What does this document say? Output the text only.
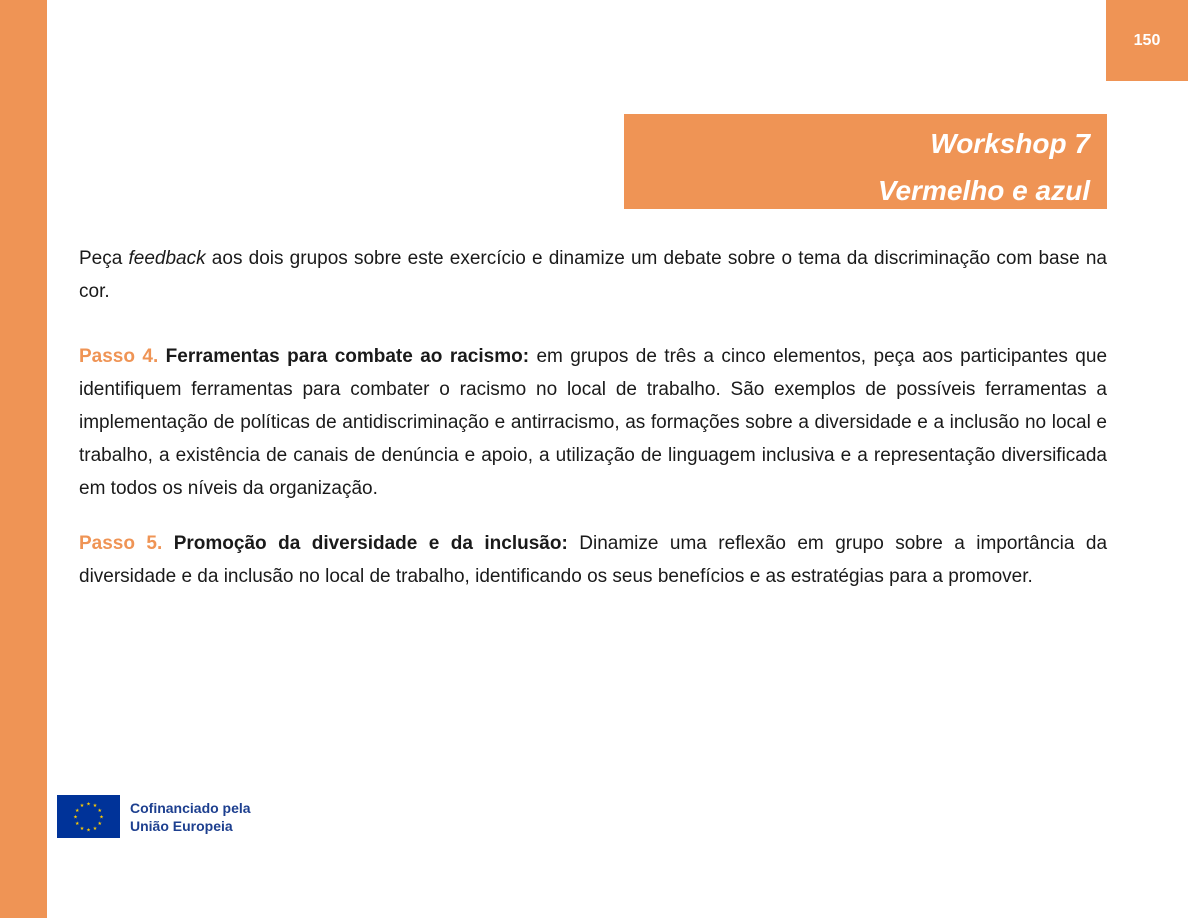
150
Workshop 7
Vermelho e azul

Peça feedback aos dois grupos sobre este exercício e dinamize um debate sobre o tema da discriminação com base na cor.

Passo 4. Ferramentas para combate ao racismo: em grupos de três a cinco elementos, peça aos participantes que identifiquem ferramentas para combater o racismo no local de trabalho. São exemplos de possíveis ferramentas a implementação de políticas de antidiscriminação e antirracismo, as formações sobre a diversidade e a inclusão no local e trabalho, a existência de canais de denúncia e apoio, a utilização de linguagem inclusiva e a representação diversificada em todos os níveis da organização.

Passo 5. Promoção da diversidade e da inclusão: Dinamize uma reflexão em grupo sobre a importância da diversidade e da inclusão no local de trabalho, identificando os seus benefícios e as estratégias para a promover.

★ ★
★
★
★
★
★
★
★
★
★
★	Cofinanciado pela
União Europeia
